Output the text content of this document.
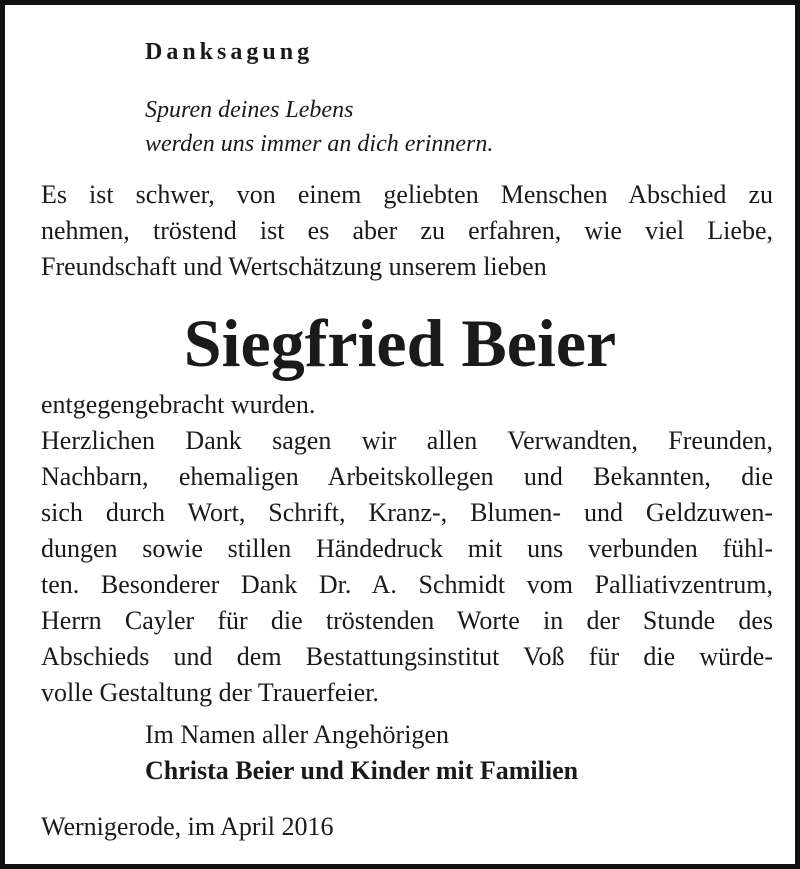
Danksagung
Spuren deines Lebens
werden uns immer an dich erinnern.
Es ist schwer, von einem geliebten Menschen Abschied zu
nehmen, tröstend ist es aber zu erfahren, wie viel Liebe,
Freundschaft und Wertschätzung unserem lieben
Siegfried Beier
entgegengebracht wurden.
Herzlichen Dank sagen wir allen Verwandten, Freunden,
Nachbarn, ehemaligen Arbeitskollegen und Bekannten, die
sich durch Wort, Schrift, Kranz-, Blumen- und Geldzuwen-
dungen sowie stillen Händedruck mit uns verbunden fühl-
ten. Besonderer Dank Dr. A. Schmidt vom Palliativzentrum,
Herrn Cayler für die tröstenden Worte in der Stunde des
Abschieds und dem Bestattungsinstitut Voß für die würde-
volle Gestaltung der Trauerfeier.
Im Namen aller Angehörigen
Christa Beier und Kinder mit Familien
Wernigerode, im April 2016
